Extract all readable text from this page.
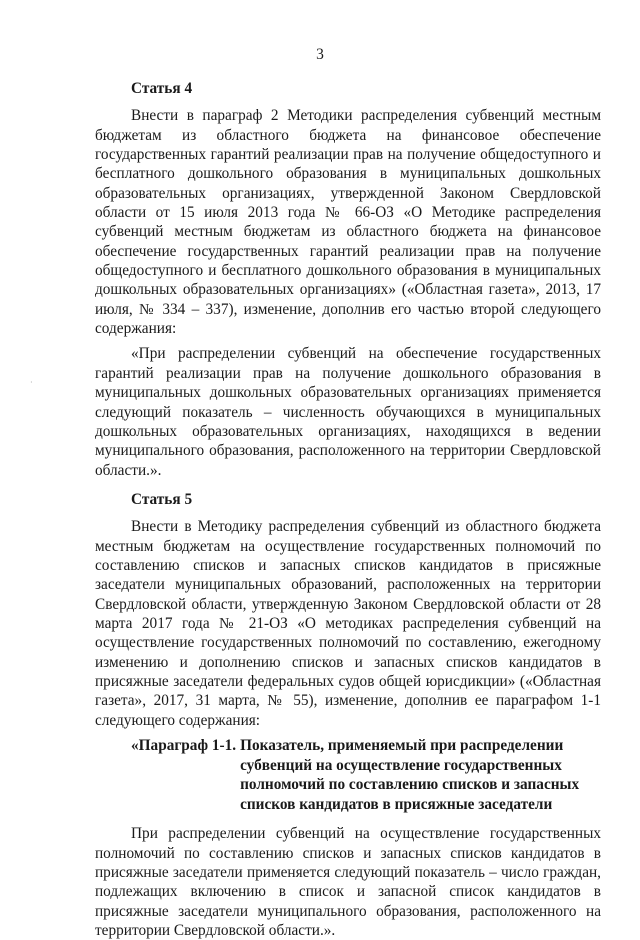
3
·
Статья 4

Внести в параграф 2 Методики распределения субвенций местным бюджетам из областного бюджета на финансовое обеспечение государственных гарантий реализации прав на получение общедоступного и бесплатного дошкольного образования в муниципальных дошкольных образовательных организациях, утвержденной Законом Свердловской области от 15 июля 2013 года № 66-ОЗ «О Методике распределения субвенций местным бюджетам из областного бюджета на финансовое обеспечение государственных гарантий реализации прав на получение общедоступного и бесплатного дошкольного образования в муниципальных дошкольных образовательных организациях» («Областная газета», 2013, 17 июля, № 334 – 337), изменение, дополнив его частью второй следующего содержания:

«При распределении субвенций на обеспечение государственных гарантий реализации прав на получение дошкольного образования в муниципальных дошкольных образовательных организациях применяется следующий показатель – численность обучающихся в муниципальных дошкольных образовательных организациях, находящихся в ведении муниципального образования, расположенного на территории Свердловской области.».

Статья 5

Внести в Методику распределения субвенций из областного бюджета местным бюджетам на осуществление государственных полномочий по составлению списков и запасных списков кандидатов в присяжные заседатели муниципальных образований, расположенных на территории Свердловской области, утвержденную Законом Свердловской области от 28 марта 2017 года № 21-ОЗ «О методиках распределения субвенций на осуществление государственных полномочий по составлению, ежегодному изменению и дополнению списков и запасных списков кандидатов в присяжные заседатели федеральных судов общей юрисдикции» («Областная газета», 2017, 31 марта, № 55), изменение, дополнив ее параграфом 1-1 следующего содержания:

«Параграф 1-1. Показатель, применяемый при распределении субвенций на осуществление государственных полномочий по составлению списков и запасных списков кандидатов в присяжные заседатели

При распределении субвенций на осуществление государственных полномочий по составлению списков и запасных списков кандидатов в присяжные заседатели применяется следующий показатель – число граждан, подлежащих включению в список и запасной список кандидатов в присяжные заседатели муниципального образования, расположенного на территории Свердловской области.».
